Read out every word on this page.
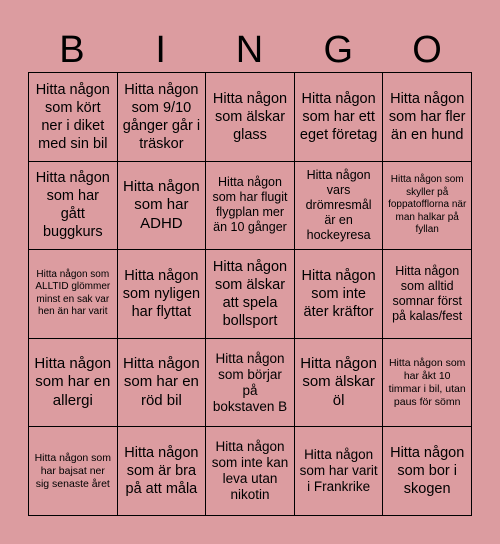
B	I	N	G	O
Hitta någon som kört ner i diket med sin bil
Hitta någon som 9/10 gånger går i träskor
Hitta någon som älskar glass
Hitta någon som har ett eget företag
Hitta någon som har fler än en hund
Hitta någon som har gått buggkurs
Hitta någon som har ADHD
Hitta någon som har flugit flygplan mer än 10 gånger
Hitta någon vars drömresmål är en hockeyresa
Hitta någon som skyller på foppatofflorna när man halkar på fyllan
Hitta någon som ALLTID glömmer minst en sak var hen än har varit
Hitta någon som nyligen har flyttat
Hitta någon som älskar att spela bollsport
Hitta någon som inte äter kräftor
Hitta någon som alltid somnar först på kalas/fest
Hitta någon som har en allergi
Hitta någon som har en röd bil
Hitta någon som börjar på bokstaven B
Hitta någon som älskar öl
Hitta någon som har åkt 10 timmar i bil, utan paus för sömn
Hitta någon som har bajsat ner sig senaste året
Hitta någon som är bra på att måla
Hitta någon som inte kan leva utan nikotin
Hitta någon som har varit i Frankrike
Hitta någon som bor i skogen
